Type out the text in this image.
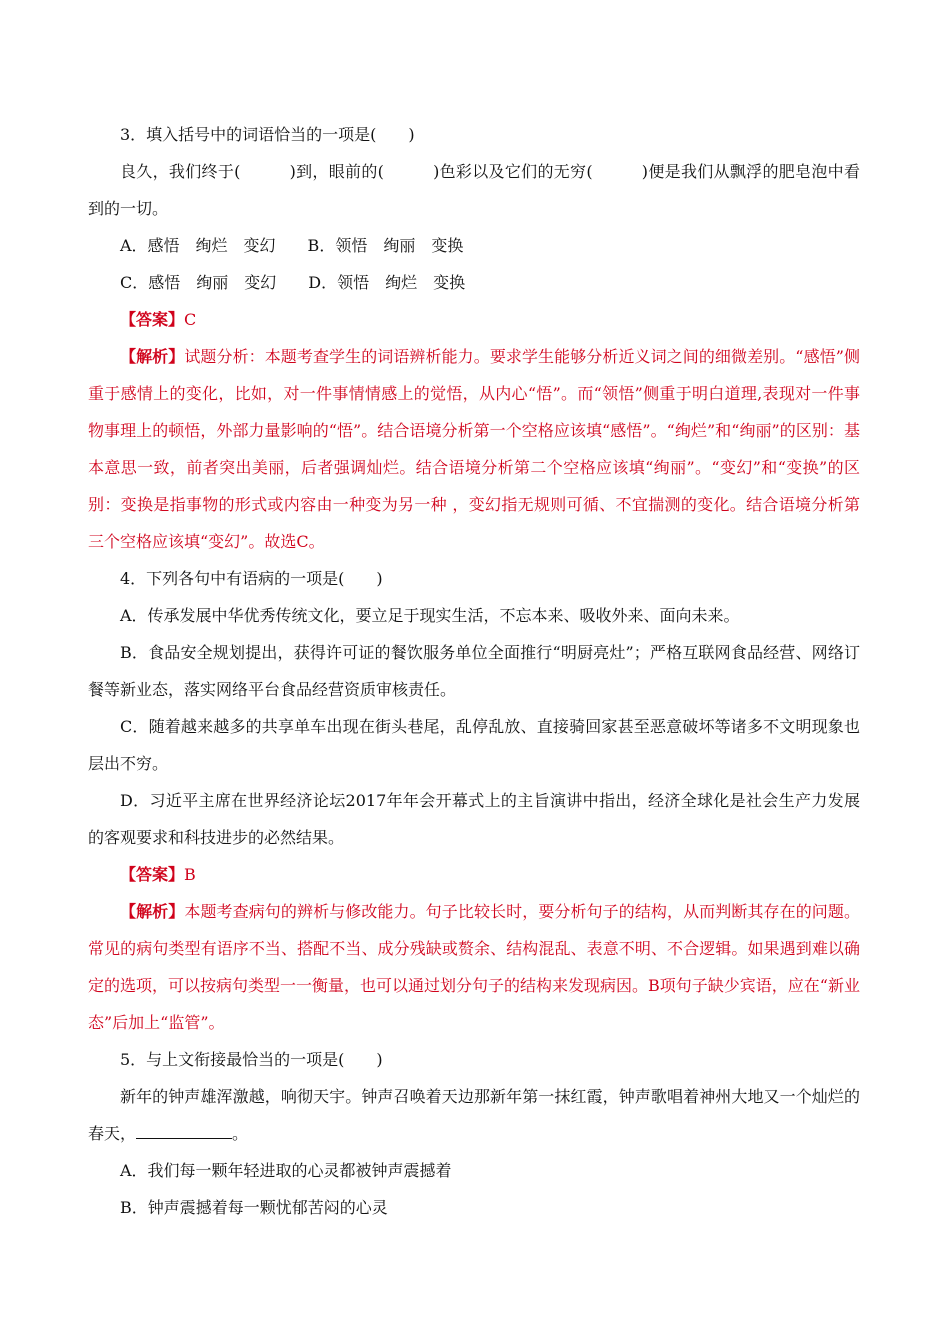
3．填入括号中的词语恰当的一项是(　　)

良久，我们终于(　　　)到，眼前的(　　　)色彩以及它们的无穷(　　　)便是我们从飘浮的肥皂泡中看到的一切。

A．感悟　绚烂　变幻　　B．领悟　绚丽　变换

C．感悟　绚丽　变幻　　D．领悟　绚烂　变换

【答案】C

【解析】试题分析：本题考查学生的词语辨析能力。要求学生能够分析近义词之间的细微差别。“感悟”侧重于感情上的变化，比如，对一件事情情感上的觉悟，从内心“悟”。而“领悟”侧重于明白道理,表现对一件事物事理上的顿悟，外部力量影响的“悟”。结合语境分析第一个空格应该填“感悟”。“绚烂”和“绚丽”的区别：基本意思一致，前者突出美丽，后者强调灿烂。结合语境分析第二个空格应该填“绚丽”。“变幻”和“变换”的区别：变换是指事物的形式或内容由一种变为另一种 ，变幻指无规则可循、不宜揣测的变化。结合语境分析第三个空格应该填“变幻”。故选C。

4．下列各句中有语病的一项是(　　)

A．传承发展中华优秀传统文化，要立足于现实生活，不忘本来、吸收外来、面向未来。

B．食品安全规划提出，获得许可证的餐饮服务单位全面推行“明厨亮灶”；严格互联网食品经营、网络订餐等新业态，落实网络平台食品经营资质审核责任。

C．随着越来越多的共享单车出现在街头巷尾，乱停乱放、直接骑回家甚至恶意破坏等诸多不文明现象也层出不穷。

D．习近平主席在世界经济论坛2017年年会开幕式上的主旨演讲中指出，经济全球化是社会生产力发展的客观要求和科技进步的必然结果。

【答案】B

【解析】本题考查病句的辨析与修改能力。句子比较长时，要分析句子的结构，从而判断其存在的问题。常见的病句类型有语序不当、搭配不当、成分残缺或赘余、结构混乱、表意不明、不合逻辑。如果遇到难以确定的选项，可以按病句类型一一衡量，也可以通过划分句子的结构来发现病因。B项句子缺少宾语，应在“新业态”后加上“监管”。

5．与上文衔接最恰当的一项是(　　)

新年的钟声雄浑激越，响彻天宇。钟声召唤着天边那新年第一抹红霞，钟声歌唱着神州大地又一个灿烂的春天，	。

A．我们每一颗年轻进取的心灵都被钟声震撼着

B．钟声震撼着每一颗忧郁苦闷的心灵
